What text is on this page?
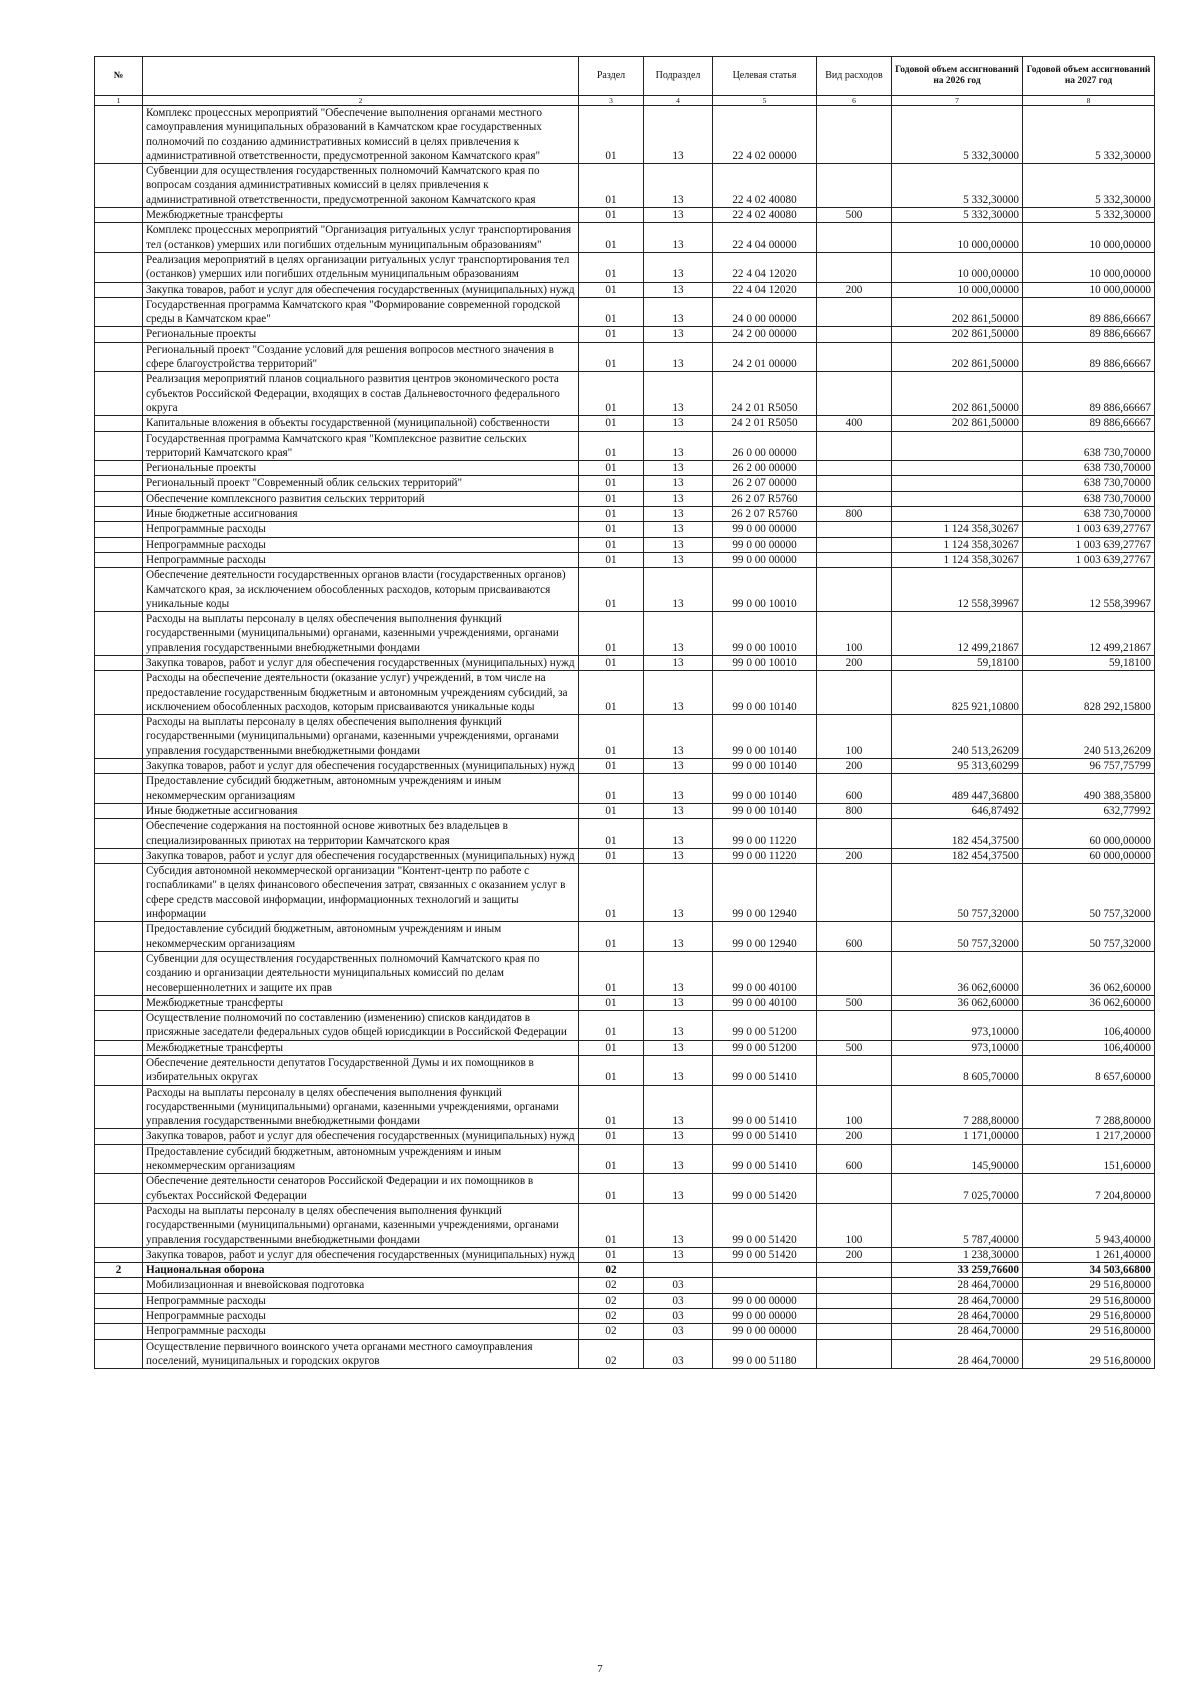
№		Раздел	Подраздел	Целевая статья	Вид расходов	Годовой объем ассигнований на 2026 год	Годовой объем ассигнований на 2027 год
1	2	3	4	5	6	7	8
	Комплекс процессных мероприятий "Обеспечение выполнения органами местного самоуправления муниципальных образований в Камчатском крае государственных полномочий по созданию административных комиссий в целях привлечения к административной ответственности, предусмотренной законом Камчатского края"	01	13	22 4 02 00000		5 332,30000	5 332,30000
	Субвенции для осуществления государственных полномочий Камчатского края по вопросам создания административных комиссий в целях привлечения к административной ответственности, предусмотренной законом Камчатского края	01	13	22 4 02 40080		5 332,30000	5 332,30000
	Межбюджетные трансферты	01	13	22 4 02 40080	500	5 332,30000	5 332,30000
	Комплекс процессных мероприятий "Организация ритуальных услуг транспортирования тел (останков) умерших или погибших отдельным муниципальным образованиям"	01	13	22 4 04 00000		10 000,00000	10 000,00000
	Реализация мероприятий в целях организации ритуальных услуг транспортирования тел (останков) умерших или погибших отдельным муниципальным образованиям	01	13	22 4 04 12020		10 000,00000	10 000,00000
	Закупка товаров, работ и услуг для обеспечения государственных (муниципальных) нужд	01	13	22 4 04 12020	200	10 000,00000	10 000,00000
	Государственная программа Камчатского края "Формирование современной городской среды в Камчатском крае"	01	13	24 0 00 00000		202 861,50000	89 886,66667
	Региональные проекты	01	13	24 2 00 00000		202 861,50000	89 886,66667
	Региональный проект "Создание условий для решения вопросов местного значения в сфере благоустройства территорий"	01	13	24 2 01 00000		202 861,50000	89 886,66667
	Реализация мероприятий планов социального развития центров экономического роста субъектов Российской Федерации, входящих в состав Дальневосточного федерального округа	01	13	24 2 01 R5050		202 861,50000	89 886,66667
	Капитальные вложения в объекты государственной (муниципальной) собственности	01	13	24 2 01 R5050	400	202 861,50000	89 886,66667
	Государственная программа Камчатского края "Комплексное развитие сельских территорий Камчатского края"	01	13	26 0 00 00000			638 730,70000
	Региональные проекты	01	13	26 2 00 00000			638 730,70000
	Региональный проект "Современный облик сельских территорий"	01	13	26 2 07 00000			638 730,70000
	Обеспечение комплексного развития сельских территорий	01	13	26 2 07 R5760			638 730,70000
	Иные бюджетные ассигнования	01	13	26 2 07 R5760	800		638 730,70000
	Непрограммные расходы	01	13	99 0 00 00000		1 124 358,30267	1 003 639,27767
	Непрограммные расходы	01	13	99 0 00 00000		1 124 358,30267	1 003 639,27767
	Непрограммные расходы	01	13	99 0 00 00000		1 124 358,30267	1 003 639,27767
	Обеспечение деятельности государственных органов власти (государственных органов) Камчатского края, за исключением обособленных расходов, которым присваиваются уникальные коды	01	13	99 0 00 10010		12 558,39967	12 558,39967
	Расходы на выплаты персоналу в целях обеспечения выполнения функций государственными (муниципальными) органами, казенными учреждениями, органами управления государственными внебюджетными фондами	01	13	99 0 00 10010	100	12 499,21867	12 499,21867
	Закупка товаров, работ и услуг для обеспечения государственных (муниципальных) нужд	01	13	99 0 00 10010	200	59,18100	59,18100
	Расходы на обеспечение деятельности (оказание услуг) учреждений, в том числе на предоставление государственным бюджетным и автономным учреждениям субсидий, за исключением обособленных расходов, которым присваиваются уникальные коды	01	13	99 0 00 10140		825 921,10800	828 292,15800
	Расходы на выплаты персоналу в целях обеспечения выполнения функций государственными (муниципальными) органами, казенными учреждениями, органами управления государственными внебюджетными фондами	01	13	99 0 00 10140	100	240 513,26209	240 513,26209
	Закупка товаров, работ и услуг для обеспечения государственных (муниципальных) нужд	01	13	99 0 00 10140	200	95 313,60299	96 757,75799
	Предоставление субсидий бюджетным, автономным учреждениям и иным некоммерческим организациям	01	13	99 0 00 10140	600	489 447,36800	490 388,35800
	Иные бюджетные ассигнования	01	13	99 0 00 10140	800	646,87492	632,77992
	Обеспечение содержания на постоянной основе животных без владельцев в специализированных приютах на территории Камчатского края	01	13	99 0 00 11220		182 454,37500	60 000,00000
	Закупка товаров, работ и услуг для обеспечения государственных (муниципальных) нужд	01	13	99 0 00 11220	200	182 454,37500	60 000,00000
	Субсидия автономной некоммерческой организации "Контент-центр по работе с госпабликами" в целях финансового обеспечения затрат, связанных с оказанием услуг в сфере средств массовой информации, информационных технологий и защиты информации	01	13	99 0 00 12940		50 757,32000	50 757,32000
	Предоставление субсидий бюджетным, автономным учреждениям и иным некоммерческим организациям	01	13	99 0 00 12940	600	50 757,32000	50 757,32000
	Субвенции для осуществления государственных полномочий Камчатского края по созданию и организации деятельности муниципальных комиссий по делам несовершеннолетних и защите их прав	01	13	99 0 00 40100		36 062,60000	36 062,60000
	Межбюджетные трансферты	01	13	99 0 00 40100	500	36 062,60000	36 062,60000
	Осуществление полномочий по составлению (изменению) списков кандидатов в присяжные заседатели федеральных судов общей юрисдикции в Российской Федерации	01	13	99 0 00 51200		973,10000	106,40000
	Межбюджетные трансферты	01	13	99 0 00 51200	500	973,10000	106,40000
	Обеспечение деятельности депутатов Государственной Думы и их помощников в избирательных округах	01	13	99 0 00 51410		8 605,70000	8 657,60000
	Расходы на выплаты персоналу в целях обеспечения выполнения функций государственными (муниципальными) органами, казенными учреждениями, органами управления государственными внебюджетными фондами	01	13	99 0 00 51410	100	7 288,80000	7 288,80000
	Закупка товаров, работ и услуг для обеспечения государственных (муниципальных) нужд	01	13	99 0 00 51410	200	1 171,00000	1 217,20000
	Предоставление субсидий бюджетным, автономным учреждениям и иным некоммерческим организациям	01	13	99 0 00 51410	600	145,90000	151,60000
	Обеспечение деятельности сенаторов Российской Федерации и их помощников в субъектах Российской Федерации	01	13	99 0 00 51420		7 025,70000	7 204,80000
	Расходы на выплаты персоналу в целях обеспечения выполнения функций государственными (муниципальными) органами, казенными учреждениями, органами управления государственными внебюджетными фондами	01	13	99 0 00 51420	100	5 787,40000	5 943,40000
	Закупка товаров, работ и услуг для обеспечения государственных (муниципальных) нужд	01	13	99 0 00 51420	200	1 238,30000	1 261,40000
2	Национальная оборона	02				33 259,76600	34 503,66800
	Мобилизационная и вневойсковая подготовка	02	03			28 464,70000	29 516,80000
	Непрограммные расходы	02	03	99 0 00 00000		28 464,70000	29 516,80000
	Непрограммные расходы	02	03	99 0 00 00000		28 464,70000	29 516,80000
	Непрограммные расходы	02	03	99 0 00 00000		28 464,70000	29 516,80000
	Осуществление первичного воинского учета органами местного самоуправления поселений, муниципальных и городских округов	02	03	99 0 00 51180		28 464,70000	29 516,80000
7
